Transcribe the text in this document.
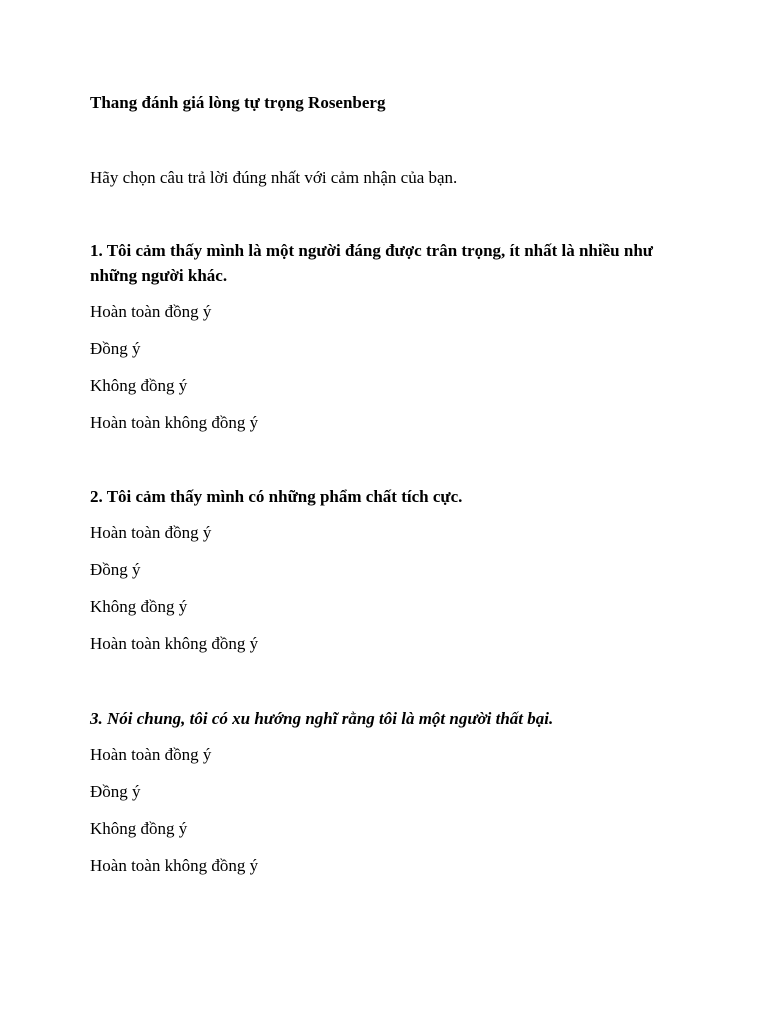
Thang đánh giá lòng tự trọng Rosenberg

Hãy chọn câu trả lời đúng nhất với cảm nhận của bạn.

1. Tôi cảm thấy mình là một người đáng được trân trọng, ít nhất là nhiều như những người khác.

Hoàn toàn đồng ý
Đồng ý
Không đồng ý
Hoàn toàn không đồng ý

2. Tôi cảm thấy mình có những phẩm chất tích cực.

Hoàn toàn đồng ý
Đồng ý
Không đồng ý
Hoàn toàn không đồng ý

3. Nói chung, tôi có xu hướng nghĩ rằng tôi là một người thất bại.

Hoàn toàn đồng ý
Đồng ý
Không đồng ý
Hoàn toàn không đồng ý
